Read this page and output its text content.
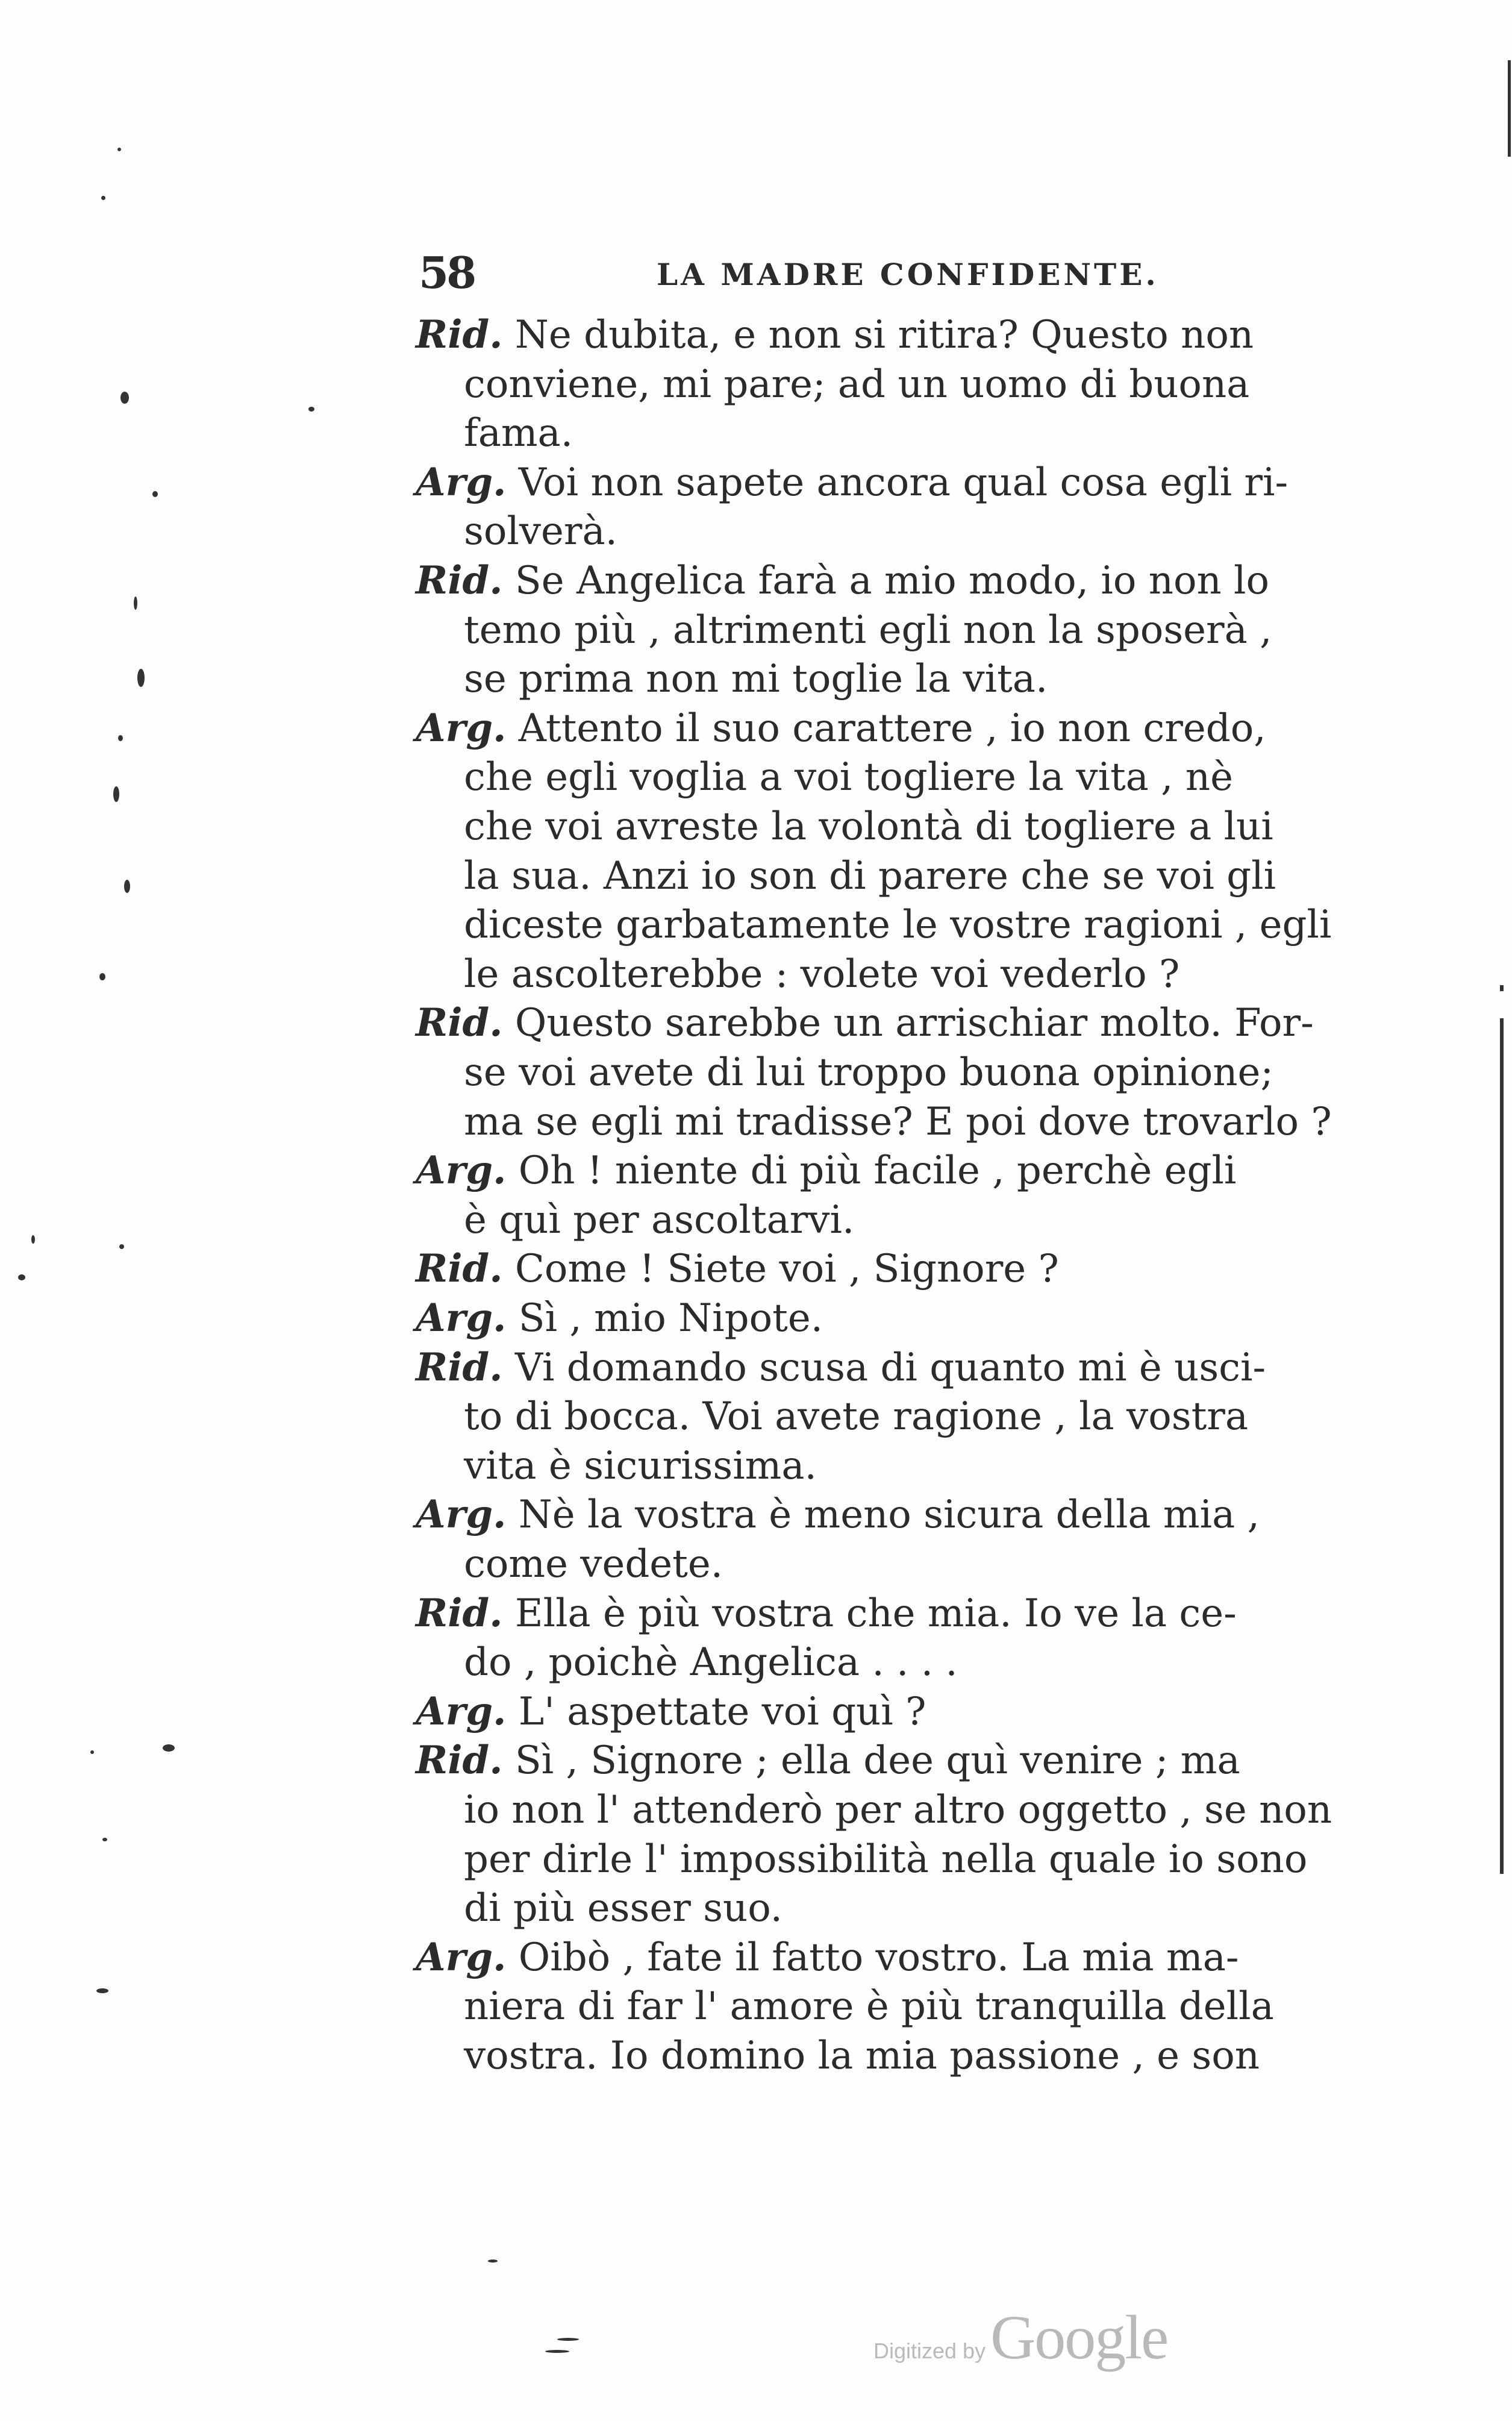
58	LA MADRE CONFIDENTE.
Rid. Ne dubita, e non si ritira? Questo non
conviene, mi pare; ad un uomo di buona
fama.
Arg. Voi non sapete ancora qual cosa egli ri-
solverà.
Rid. Se Angelica farà a mio modo, io non lo
temo più , altrimenti egli non la sposerà ,
se prima non mi toglie la vita.
Arg. Attento il suo carattere , io non credo,
che egli voglia a voi togliere la vita , nè
che voi avreste la volontà di togliere a lui
la sua. Anzi io son di parere che se voi gli
diceste garbatamente le vostre ragioni , egli
le ascolterebbe : volete voi vederlo ?
Rid. Questo sarebbe un arrischiar molto. For-
se voi avete di lui troppo buona opinione;
ma se egli mi tradisse? E poi dove trovarlo ?
Arg. Oh ! niente di più facile , perchè egli
è quì per ascoltarvi.
Rid. Come ! Siete voi , Signore ?
Arg. Sì , mio Nipote.
Rid. Vi domando scusa di quanto mi è usci-
to di bocca. Voi avete ragione , la vostra
vita è sicurissima.
Arg. Nè la vostra è meno sicura della mia ,
come vedete.
Rid. Ella è più vostra che mia. Io ve la ce-
do , poichè Angelica . . . .
Arg. L' aspettate voi quì ?
Rid. Sì , Signore ; ella dee quì venire ; ma
io non l' attenderò per altro oggetto , se non
per dirle l' impossibilità nella quale io sono
di più esser suo.
Arg. Oibò , fate il fatto vostro. La mia ma-
niera di far l' amore è più tranquilla della
vostra. Io domino la mia passione , e son
Digitized byGoogle
